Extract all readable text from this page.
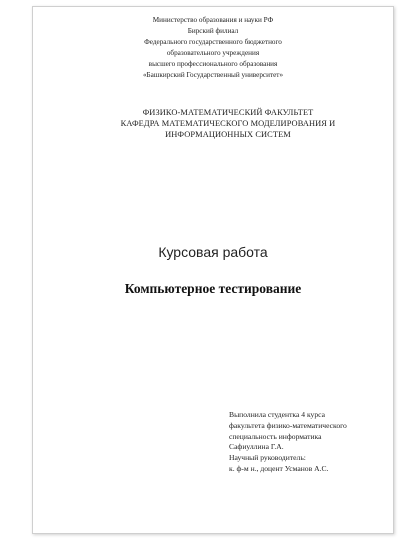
Министерство образования и науки РФ
Бирский филиал
Федерального государственного бюджетного
образовательного учреждения
высшего профессионального образования
«Башкирский Государственный университет»
ФИЗИКО-МАТЕМАТИЧЕСКИЙ ФАКУЛЬТЕТ
КАФЕДРА МАТЕМАТИЧЕСКОГО МОДЕЛИРОВАНИЯ И
ИНФОРМАЦИОННЫХ СИСТЕМ
Курсовая работа
Компьютерное тестирование
Выполнила студентка 4 курса
факультета физико-математического
специальность информатика
Сафиуллина Г.А.
Научный руководитель:
к. ф-м н., доцент Усманов А.С.
